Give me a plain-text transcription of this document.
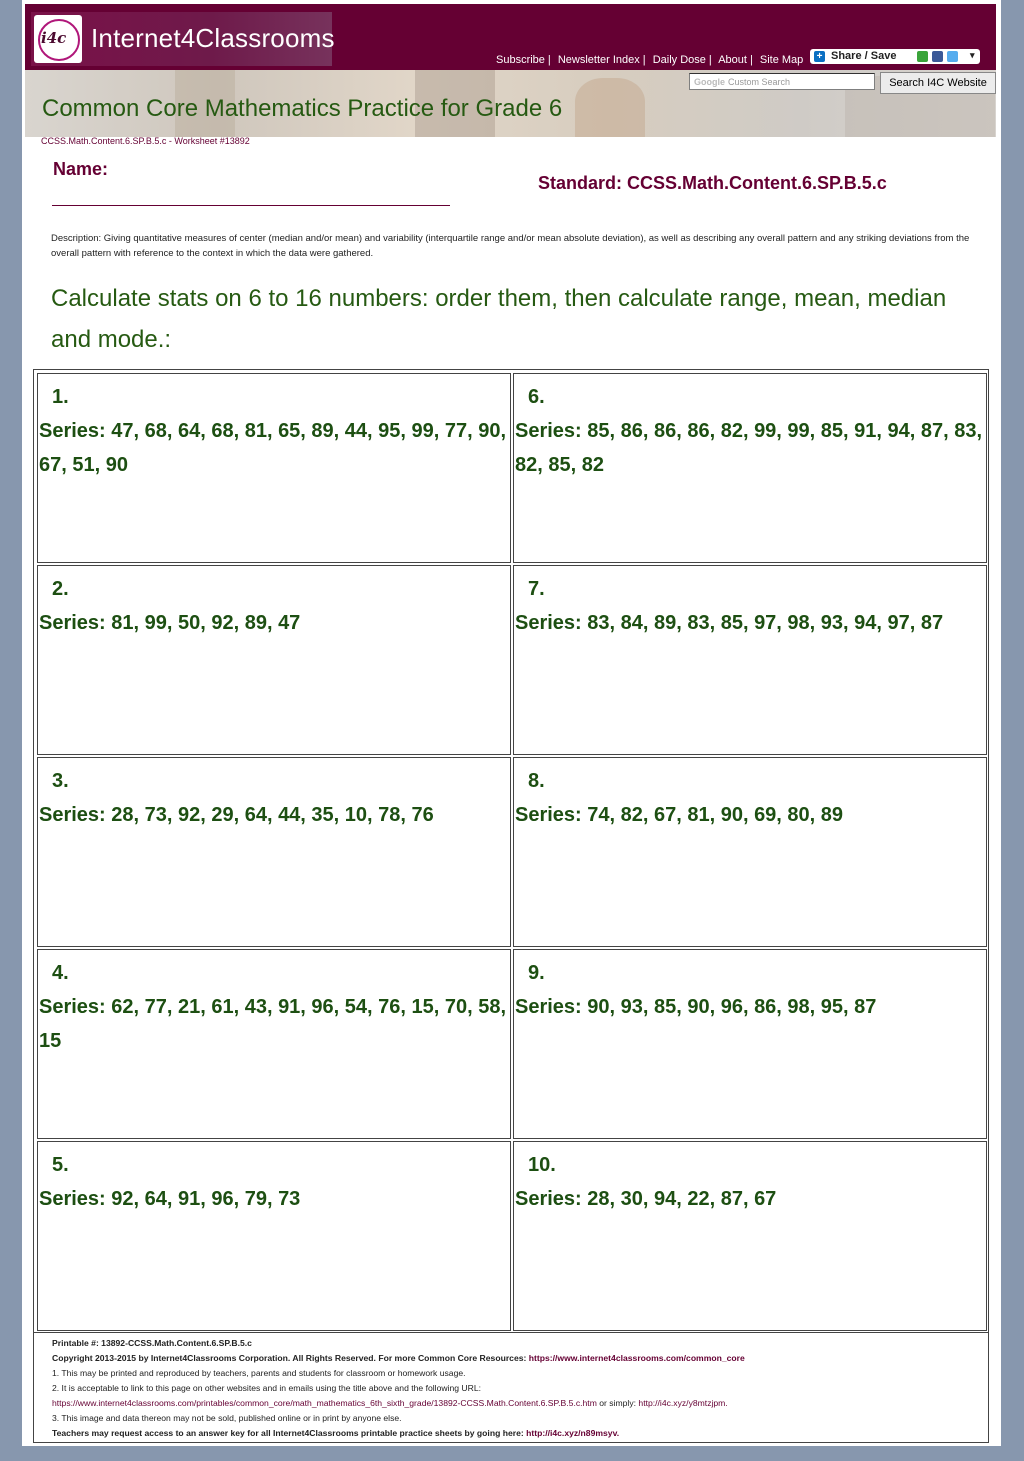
i4c Internet4Classrooms
Subscribe | Newsletter Index | Daily Dose | About | Site Map + Share / Save	▾
Google Custom Search	Search I4C Website
Common Core Mathematics Practice for Grade 6
CCSS.Math.Content.6.SP.B.5.c - Worksheet #13892
Name:
Standard: CCSS.Math.Content.6.SP.B.5.c
Description: Giving quantitative measures of center (median and/or mean) and variability (interquartile range and/or mean absolute deviation), as well as describing any overall pattern and any striking deviations from the overall pattern with reference to the context in which the data were gathered.
Calculate stats on 6 to 16 numbers: order them, then calculate range, mean, median and mode.:
1.
Series: 47, 68, 64, 68, 81, 65, 89, 44, 95, 99, 77, 90, 67, 51, 90
2.
Series: 81, 99, 50, 92, 89, 47
3.
Series: 28, 73, 92, 29, 64, 44, 35, 10, 78, 76
4.
Series: 62, 77, 21, 61, 43, 91, 96, 54, 76, 15, 70, 58, 15
5.
Series: 92, 64, 91, 96, 79, 73
6.
Series: 85, 86, 86, 86, 82, 99, 99, 85, 91, 94, 87, 83, 82, 85, 82
7.
Series: 83, 84, 89, 83, 85, 97, 98, 93, 94, 97, 87
8.
Series: 74, 82, 67, 81, 90, 69, 80, 89
9.
Series: 90, 93, 85, 90, 96, 86, 98, 95, 87
10.
Series: 28, 30, 94, 22, 87, 67
Printable #: 13892-CCSS.Math.Content.6.SP.B.5.c
Copyright 2013-2015 by Internet4Classrooms Corporation. All Rights Reserved. For more Common Core Resources: https://www.internet4classrooms.com/common_core
1. This may be printed and reproduced by teachers, parents and students for classroom or homework usage.
2. It is acceptable to link to this page on other websites and in emails using the title above and the following URL:
https://www.internet4classrooms.com/printables/common_core/math_mathematics_6th_sixth_grade/13892-CCSS.Math.Content.6.SP.B.5.c.htm or simply: http://i4c.xyz/y8mtzjpm.
3. This image and data thereon may not be sold, published online or in print by anyone else.
Teachers may request access to an answer key for all Internet4Classrooms printable practice sheets by going here: http://i4c.xyz/n89msyv.
